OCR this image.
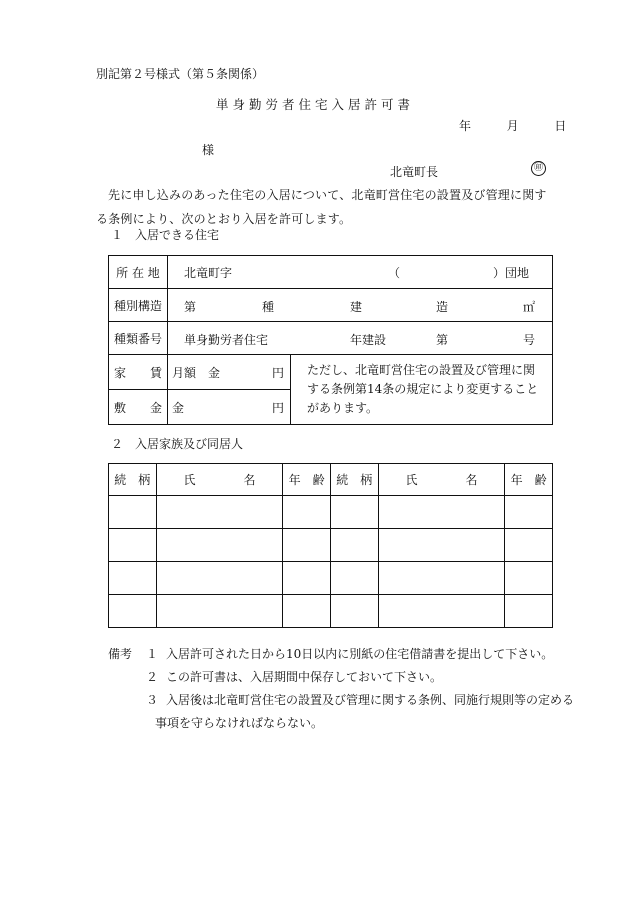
別記第２号様式（第５条関係）
単身勤労者住宅入居許可書
年	月	日
様
北竜町長	㊞
先に申し込みのあった住宅の入居について、北竜町営住宅の設置及び管理に関する条例により、次のとおり入居を許可します。
１　入居できる住宅
所 在 地	北竜町字 （ ）団地	

種別構造	第 種 建 造 ㎡	

種類番号	単身勤労者住宅 年建設 第 号	

家　　賃	月額　金 円	ただし、北竜町営住宅の設置及び管理に関する条例第14条の規定により変更することがあります。
敷　　金	金 円	
２　入居家族及び同居人
続　柄	氏　　　　名	年　齢	続　柄	氏　　　　名	年　齢

備考 １ 入居許可された日から10日以内に別紙の住宅借請書を提出して下さい。
２ この許可書は、入居期間中保存しておいて下さい。
３ 入居後は北竜町営住宅の設置及び管理に関する条例、同施行規則等の定める
事項を守らなければならない。
